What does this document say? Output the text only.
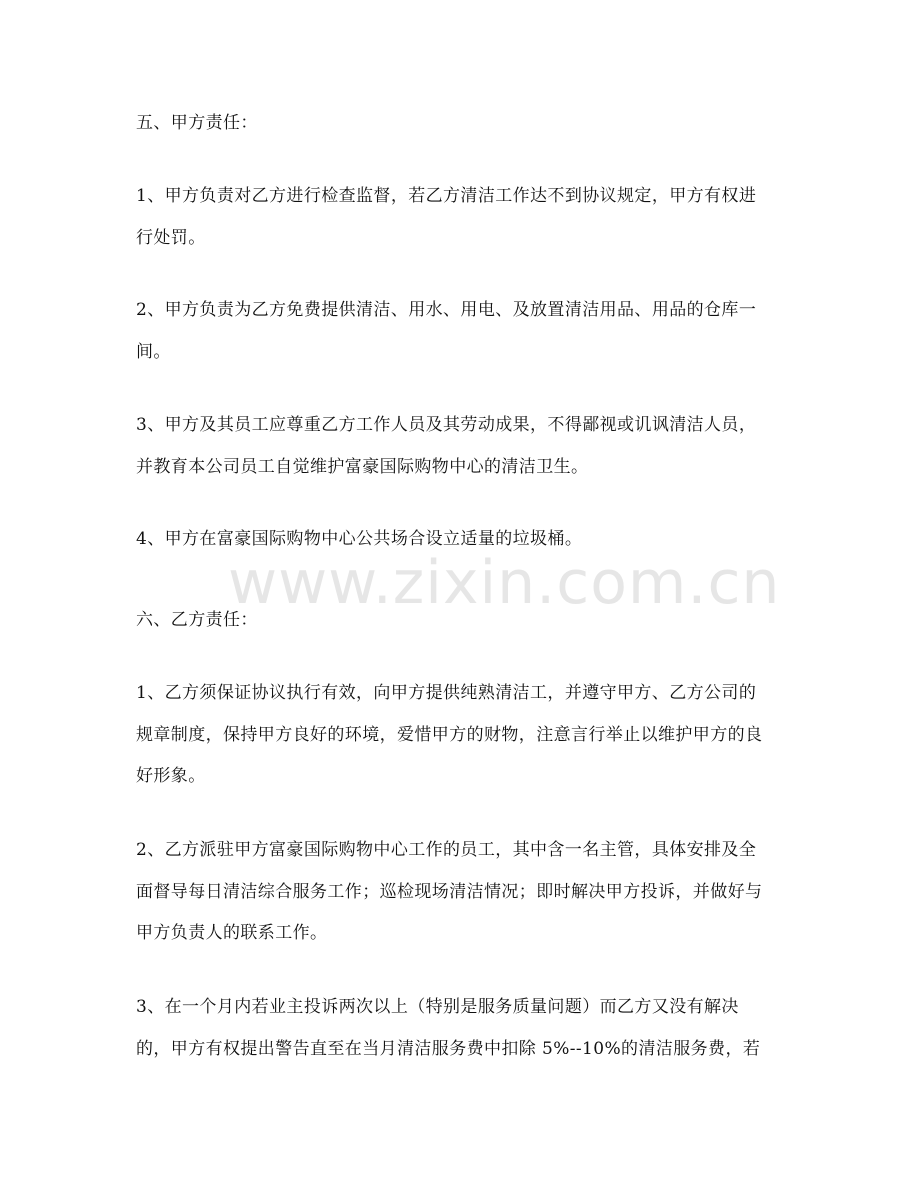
www.zixin.com.cn
五、甲方责任：
1、甲方负责对乙方进行检查监督，若乙方清洁工作达不到协议规定，甲方有权进
行处罚。
2、甲方负责为乙方免费提供清洁、用水、用电、及放置清洁用品、用品的仓库一
间。
3、甲方及其员工应尊重乙方工作人员及其劳动成果，不得鄙视或讥讽清洁人员，
并教育本公司员工自觉维护富豪国际购物中心的清洁卫生。
4、甲方在富豪国际购物中心公共场合设立适量的垃圾桶。
六、乙方责任：
1、乙方须保证协议执行有效，向甲方提供纯熟清洁工，并遵守甲方、乙方公司的
规章制度，保持甲方良好的环境，爱惜甲方的财物，注意言行举止以维护甲方的良
好形象。
2、乙方派驻甲方富豪国际购物中心工作的员工，其中含一名主管，具体安排及全
面督导每日清洁综合服务工作；巡检现场清洁情况；即时解决甲方投诉，并做好与
甲方负责人的联系工作。
3、在一个月内若业主投诉两次以上（特别是服务质量问题）而乙方又没有解决
的，甲方有权提出警告直至在当月清洁服务费中扣除 5%--10%的清洁服务费，若
